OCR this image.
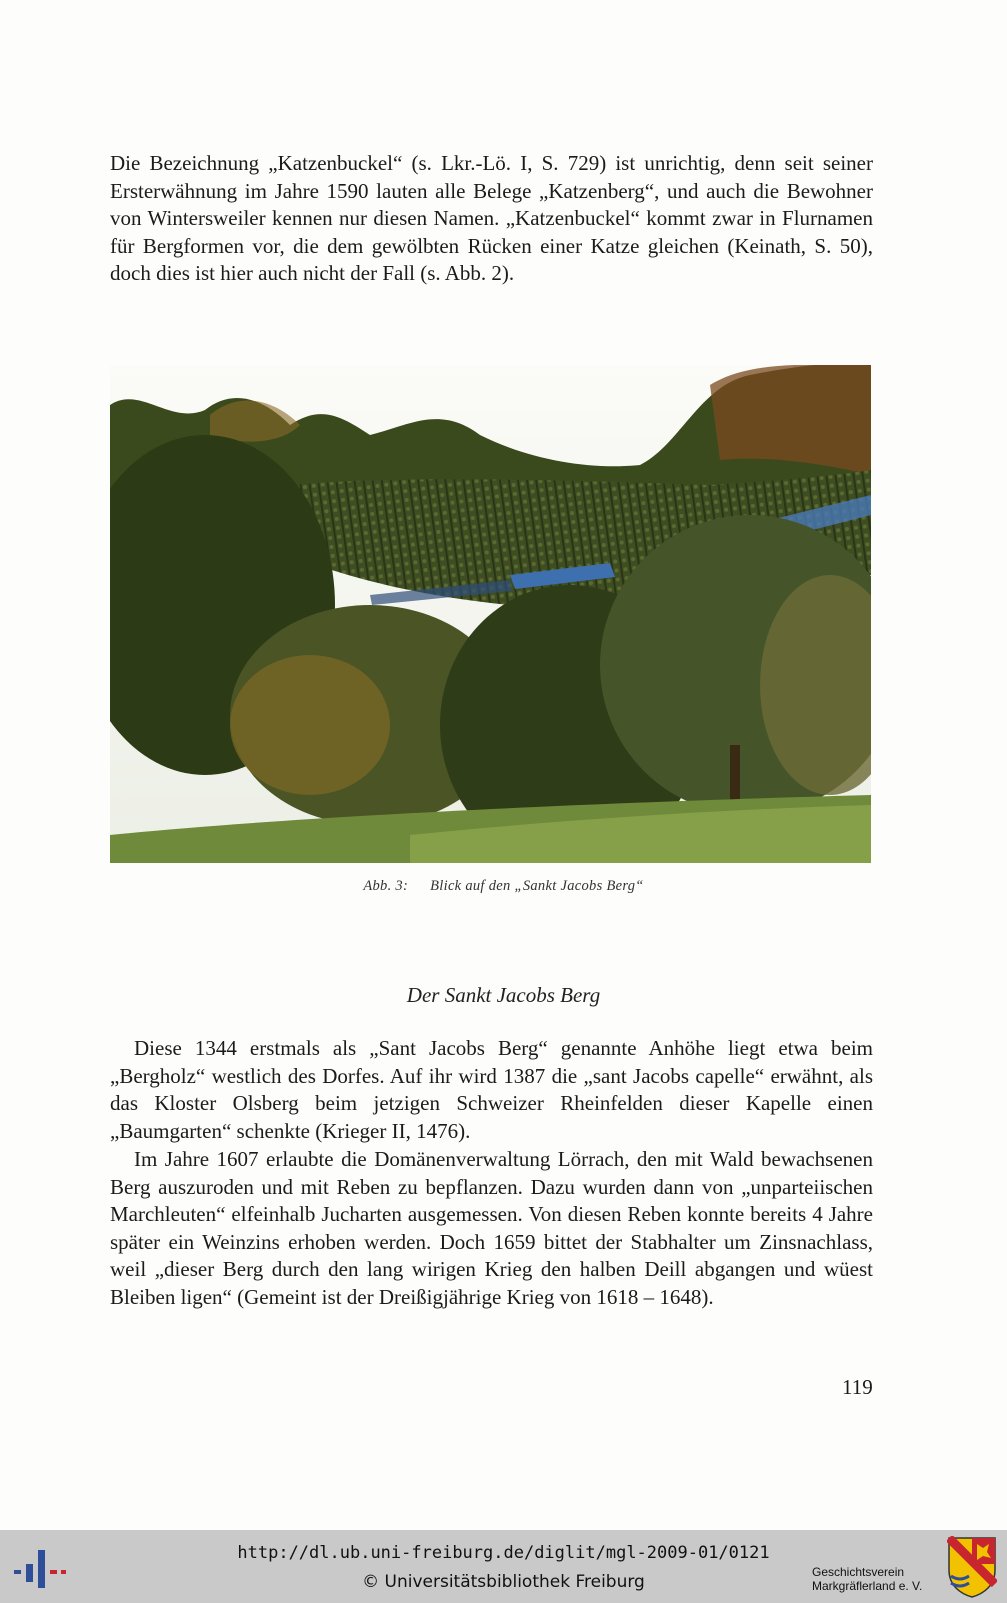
Die Bezeichnung „Katzenbuckel“ (s. Lkr.-Lö. I, S. 729) ist unrichtig, denn seit seiner Ersterwähnung im Jahre 1590 lauten alle Belege „Katzenberg“, und auch die Bewohner von Wintersweiler kennen nur diesen Namen. „Katzenbuckel“ kommt zwar in Flurnamen für Bergformen vor, die dem gewölbten Rücken einer Katze gleichen (Keinath, S. 50), doch dies ist hier auch nicht der Fall (s. Abb. 2).

Abb. 3: Blick auf den „Sankt Jacobs Berg“
Der Sankt Jacobs Berg

Diese 1344 erstmals als „Sant Jacobs Berg“ genannte Anhöhe liegt etwa beim „Bergholz“ westlich des Dorfes. Auf ihr wird 1387 die „sant Jacobs capelle“ erwähnt, als das Kloster Olsberg beim jetzigen Schweizer Rheinfelden dieser Kapelle einen „Baumgarten“ schenkte (Krieger II, 1476).

Im Jahre 1607 erlaubte die Domänenverwaltung Lörrach, den mit Wald bewachsenen Berg auszuroden und mit Reben zu bepflanzen. Dazu wurden dann von „unparteiischen Marchleuten“ elfeinhalb Jucharten ausgemessen. Von diesen Reben konnte bereits 4 Jahre später ein Weinzins erhoben werden. Doch 1659 bittet der Stabhalter um Zinsnachlass, weil „dieser Berg durch den lang wirigen Krieg den halben Deill abgangen und wüest Bleiben ligen“ (Gemeint ist der Dreißigjährige Krieg von 1618 – 1648).

119
http://dl.ub.uni-freiburg.de/diglit/mgl-2009-01/0121
© Universitätsbibliothek Freiburg	Geschichtsverein
Markgräflerland e. V.
